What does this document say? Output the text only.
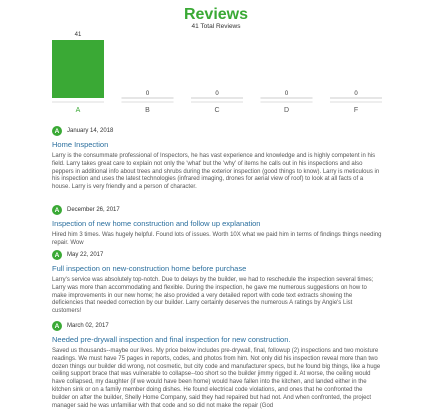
Reviews
41 Total Reviews
41
A
0
B
0
C
0
D
0
F
A	January 14, 2018
Home Inspection
Larry is the consummate professional of Inspectors, he has vast experience and knowledge and is highly competent in his field. Larry takes great care to explain not only the 'what' but the 'why' of items he calls out in his inspections and also peppers in additional info about trees and shrubs during the exterior inspection (good things to know). Larry is meticulous in his inspection and uses the latest technologies (infrared imaging, drones for aerial view of roof) to look at all facts of a house. Larry is very friendly and a person of character.
A	December 26, 2017
Inspection of new home construction and follow up explanation
Hired him 3 times. Was hugely helpful. Found lots of issues. Worth 10X what we paid him in terms of findings things needing repair. Wow
A	May 22, 2017
Full inspection on new-construction home before purchase
Larry's service was absolutely top-notch. Due to delays by the builder, we had to reschedule the inspection several times; Larry was more than accommodating and flexible. During the inspection, he gave me numerous suggestions on how to make improvements in our new home; he also provided a very detailed report with code text extracts showing the deficiencies that needed correction by our builder. Larry certainly deserves the numerous A ratings by Angie's List customers!
A	March 02, 2017
Needed pre-drywall inspection and final inspection for new construction.
Saved us thousands--maybe our lives. My price below includes pre-drywall, final, followup (2) inspections and two moisture readings. We must have 75 pages in reports, codes, and photos from him. Not only did his inspection reveal more than two dozen things our builder did wrong, not cosmetic, but city code and manufacturer specs, but he found big things, like a huge ceiling support brace that was vulnerable to collapse--too short so the builder jimmy rigged it. At worse, the ceiling would have collapsed, my daughter (if we would have been home) would have fallen into the kitchen, and landed either in the kitchen sink or on a family member doing dishes. He found electrical code violations, and ones that he confronted the builder on after the builder, Shelly Home Company, said they had repaired but had not. And when confronted, the project manager said he was unfamiliar with that code and so did not make the repair (God
